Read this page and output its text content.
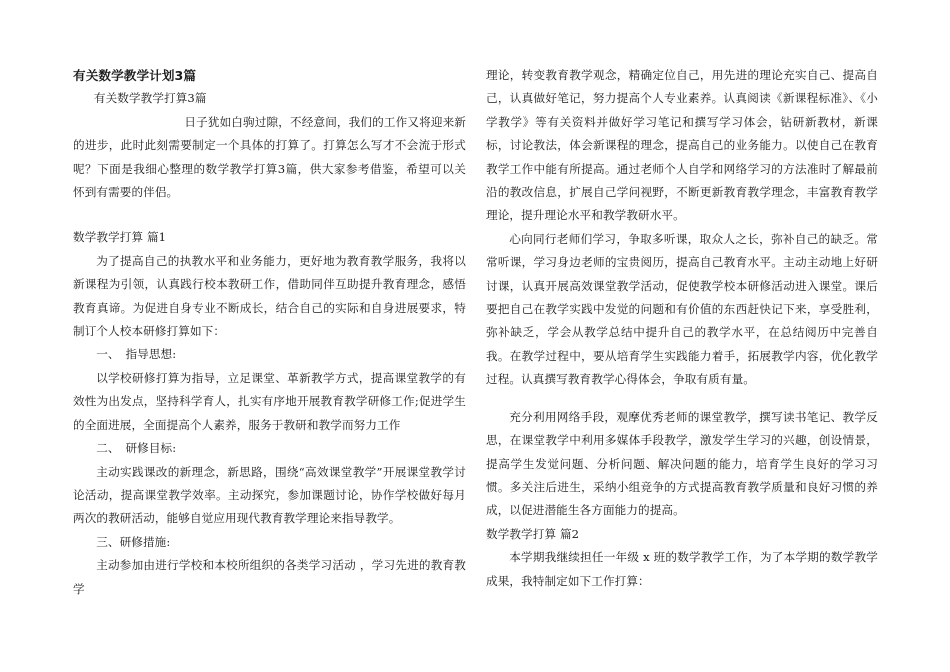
有关数学教学计划3篇

有关数学教学打算3篇

日子犹如白驹过隙，不经意间，我们的工作又将迎来新的进步，此时此刻需要制定一个具体的打算了。打算怎么写才不会流于形式呢？下面是我细心整理的数学教学打算3篇，供大家参考借鉴，希望可以关怀到有需要的伴侣。

数学教学打算 篇1

为了提高自己的执教水平和业务能力，更好地为教育教学服务，我将以新课程为引领，认真践行校本教研工作，借助同伴互助提升教育理念，感悟教育真谛。为促进自身专业不断成长，结合自己的实际和自身进展要求，特制订个人校本研修打算如下：

一、　指导思想:

以学校研修打算为指导，立足课堂、革新教学方式，提高课堂教学的有效性为出发点，坚持科学育人，扎实有序地开展教育教学研修工作;促进学生的全面进展，全面提高个人素养，服务于教研和教学而努力工作

二、　研修目标:

主动实践课改的新理念，新思路，围绕“高效课堂教学”开展课堂教学讨论活动，提高课堂教学效率。主动探究，参加课题讨论，协作学校做好每月两次的教研活动，能够自觉应用现代教育教学理论来指导教学。

三、研修措施:

主动参加由进行学校和本校所组织的各类学习活动 ，学习先进的教育教学

理论，转变教育教学观念，精确定位自己，用先进的理论充实自己、提高自己，认真做好笔记，努力提高个人专业素养。认真阅读《新课程标准》、《小学教学》等有关资料并做好学习笔记和撰写学习体会，钻研新教材，新课标，讨论教法，体会新课程的理念，提高自己的业务能力。以使自己在教育教学工作中能有所提高。通过老师个人自学和网络学习的方法准时了解最前沿的教改信息，扩展自己学问视野，不断更新教育教学理念，丰富教育教学理论，提升理论水平和教学教研水平。

心向同行老师们学习，争取多听课，取众人之长，弥补自己的缺乏。常常听课，学习身边老师的宝贵阅历，提高自己教育水平。主动主动地上好研讨课，认真开展高效课堂教学活动，促使教学校本研修活动进入课堂。课后要把自己在教学实践中发觉的问题和有价值的东西赶快记下来，享受胜利，弥补缺乏，学会从教学总结中提升自己的教学水平，在总结阅历中完善自我。在教学过程中，要从培育学生实践能力着手，拓展教学内容，优化教学过程。认真撰写教育教学心得体会，争取有质有量。

充分利用网络手段，观摩优秀老师的课堂教学，撰写读书笔记、教学反思，在课堂教学中利用多媒体手段教学，激发学生学习的兴趣，创设情景，提高学生发觉问题、分析问题、解决问题的能力，培育学生良好的学习习惯。多关注后进生，采纳小组竞争的方式提高教育教学质量和良好习惯的养成，以促进潜能生各方面能力的提高。

数学教学打算 篇2

本学期我继续担任一年级 x 班的数学教学工作，为了本学期的数学教学成果，我特制定如下工作打算：
